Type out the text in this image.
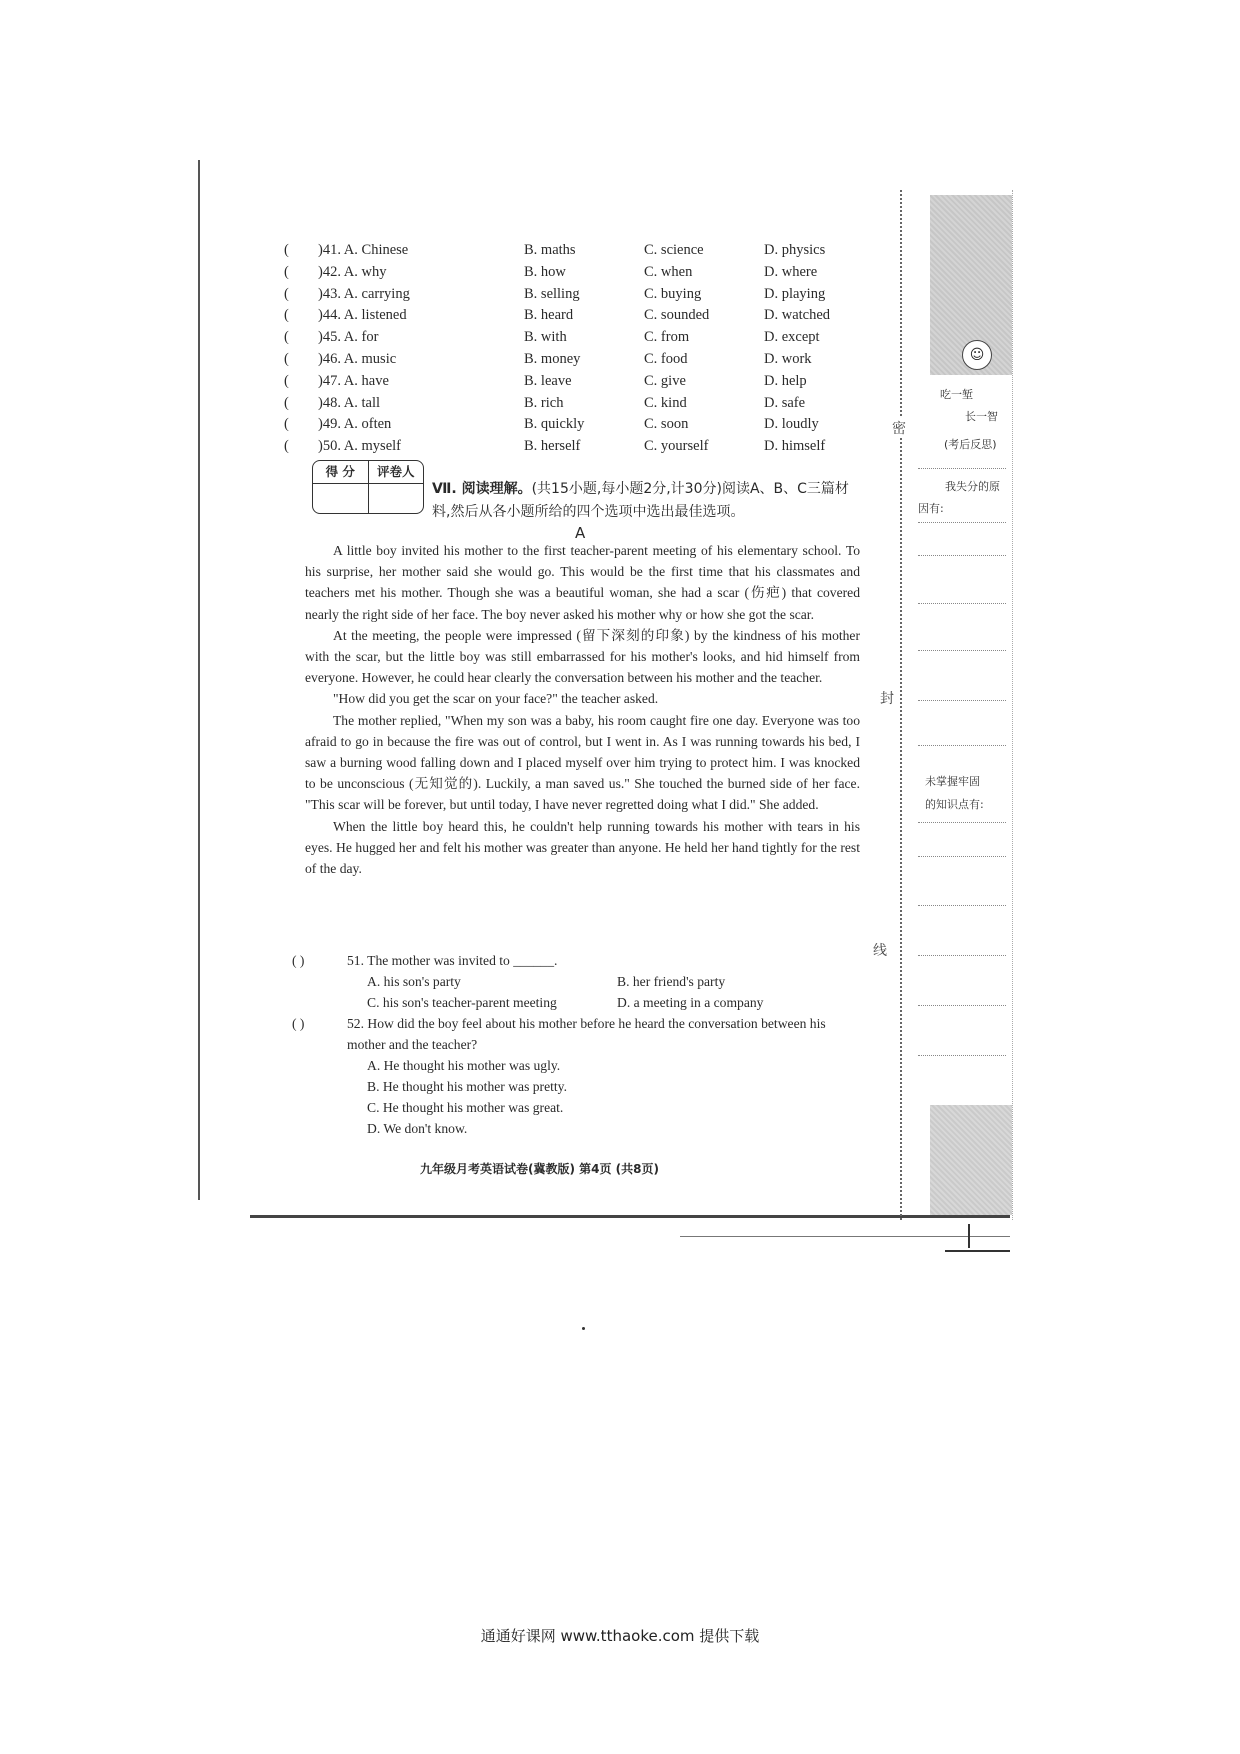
()41. A. Chinese	B. maths	C. science	D. physics
()42. A. why	B. how	C. when	D. where
()43. A. carrying	B. selling	C. buying	D. playing
()44. A. listened	B. heard	C. sounded	D. watched
()45. A. for	B. with	C. from	D. except
()46. A. music	B. money	C. food	D. work
()47. A. have	B. leave	C. give	D. help
()48. A. tall	B. rich	C. kind	D. safe
()49. A. often	B. quickly	C. soon	D. loudly
()50. A. myself	B. herself	C. yourself	D. himself
得 分	评卷人
Ⅶ. 阅读理解。(共15小题,每小题2分,计30分)阅读A、B、C三篇材料,然后从各小题所给的四个选项中选出最佳选项。
A

A little boy invited his mother to the first teacher-parent meeting of his elementary school. To his surprise, her mother said she would go. This would be the first time that his classmates and teachers met his mother. Though she was a beautiful woman, she had a scar (伤疤) that covered nearly the right side of her face. The boy never asked his mother why or how she got the scar.

At the meeting, the people were impressed (留下深刻的印象) by the kindness of his mother with the scar, but the little boy was still embarrassed for his mother's looks, and hid himself from everyone. However, he could hear clearly the conversation between his mother and the teacher.

"How did you get the scar on your face?" the teacher asked.

The mother replied, "When my son was a baby, his room caught fire one day. Everyone was too afraid to go in because the fire was out of control, but I went in. As I was running towards his bed, I saw a burning wood falling down and I placed myself over him trying to protect him. I was knocked to be unconscious (无知觉的). Luckily, a man saved us." She touched the burned side of her face. "This scar will be forever, but until today, I have never regretted doing what I did." She added.

When the little boy heard this, he couldn't help running towards his mother with tears in his eyes. He hugged her and felt his mother was greater than anyone. He held her hand tightly for the rest of the day.

( )	51. The mother was invited to ______.
A. his son's party	B. her friend's party
C. his son's teacher-parent meeting	D. a meeting in a company
( )	52. How did the boy feel about his mother before he heard the conversation between his mother and the teacher?
A. He thought his mother was ugly.
B. He thought his mother was pretty.
C. He thought his mother was great.
D. We don't know.
九年级月考英语试卷(冀教版) 第4页 (共8页)
☺
吃一堑
长一智
(考后反思)
我失分的原
因有:
未掌握牢固
的知识点有:
密
封
线
通通好课网 www.tthaoke.com 提供下载
